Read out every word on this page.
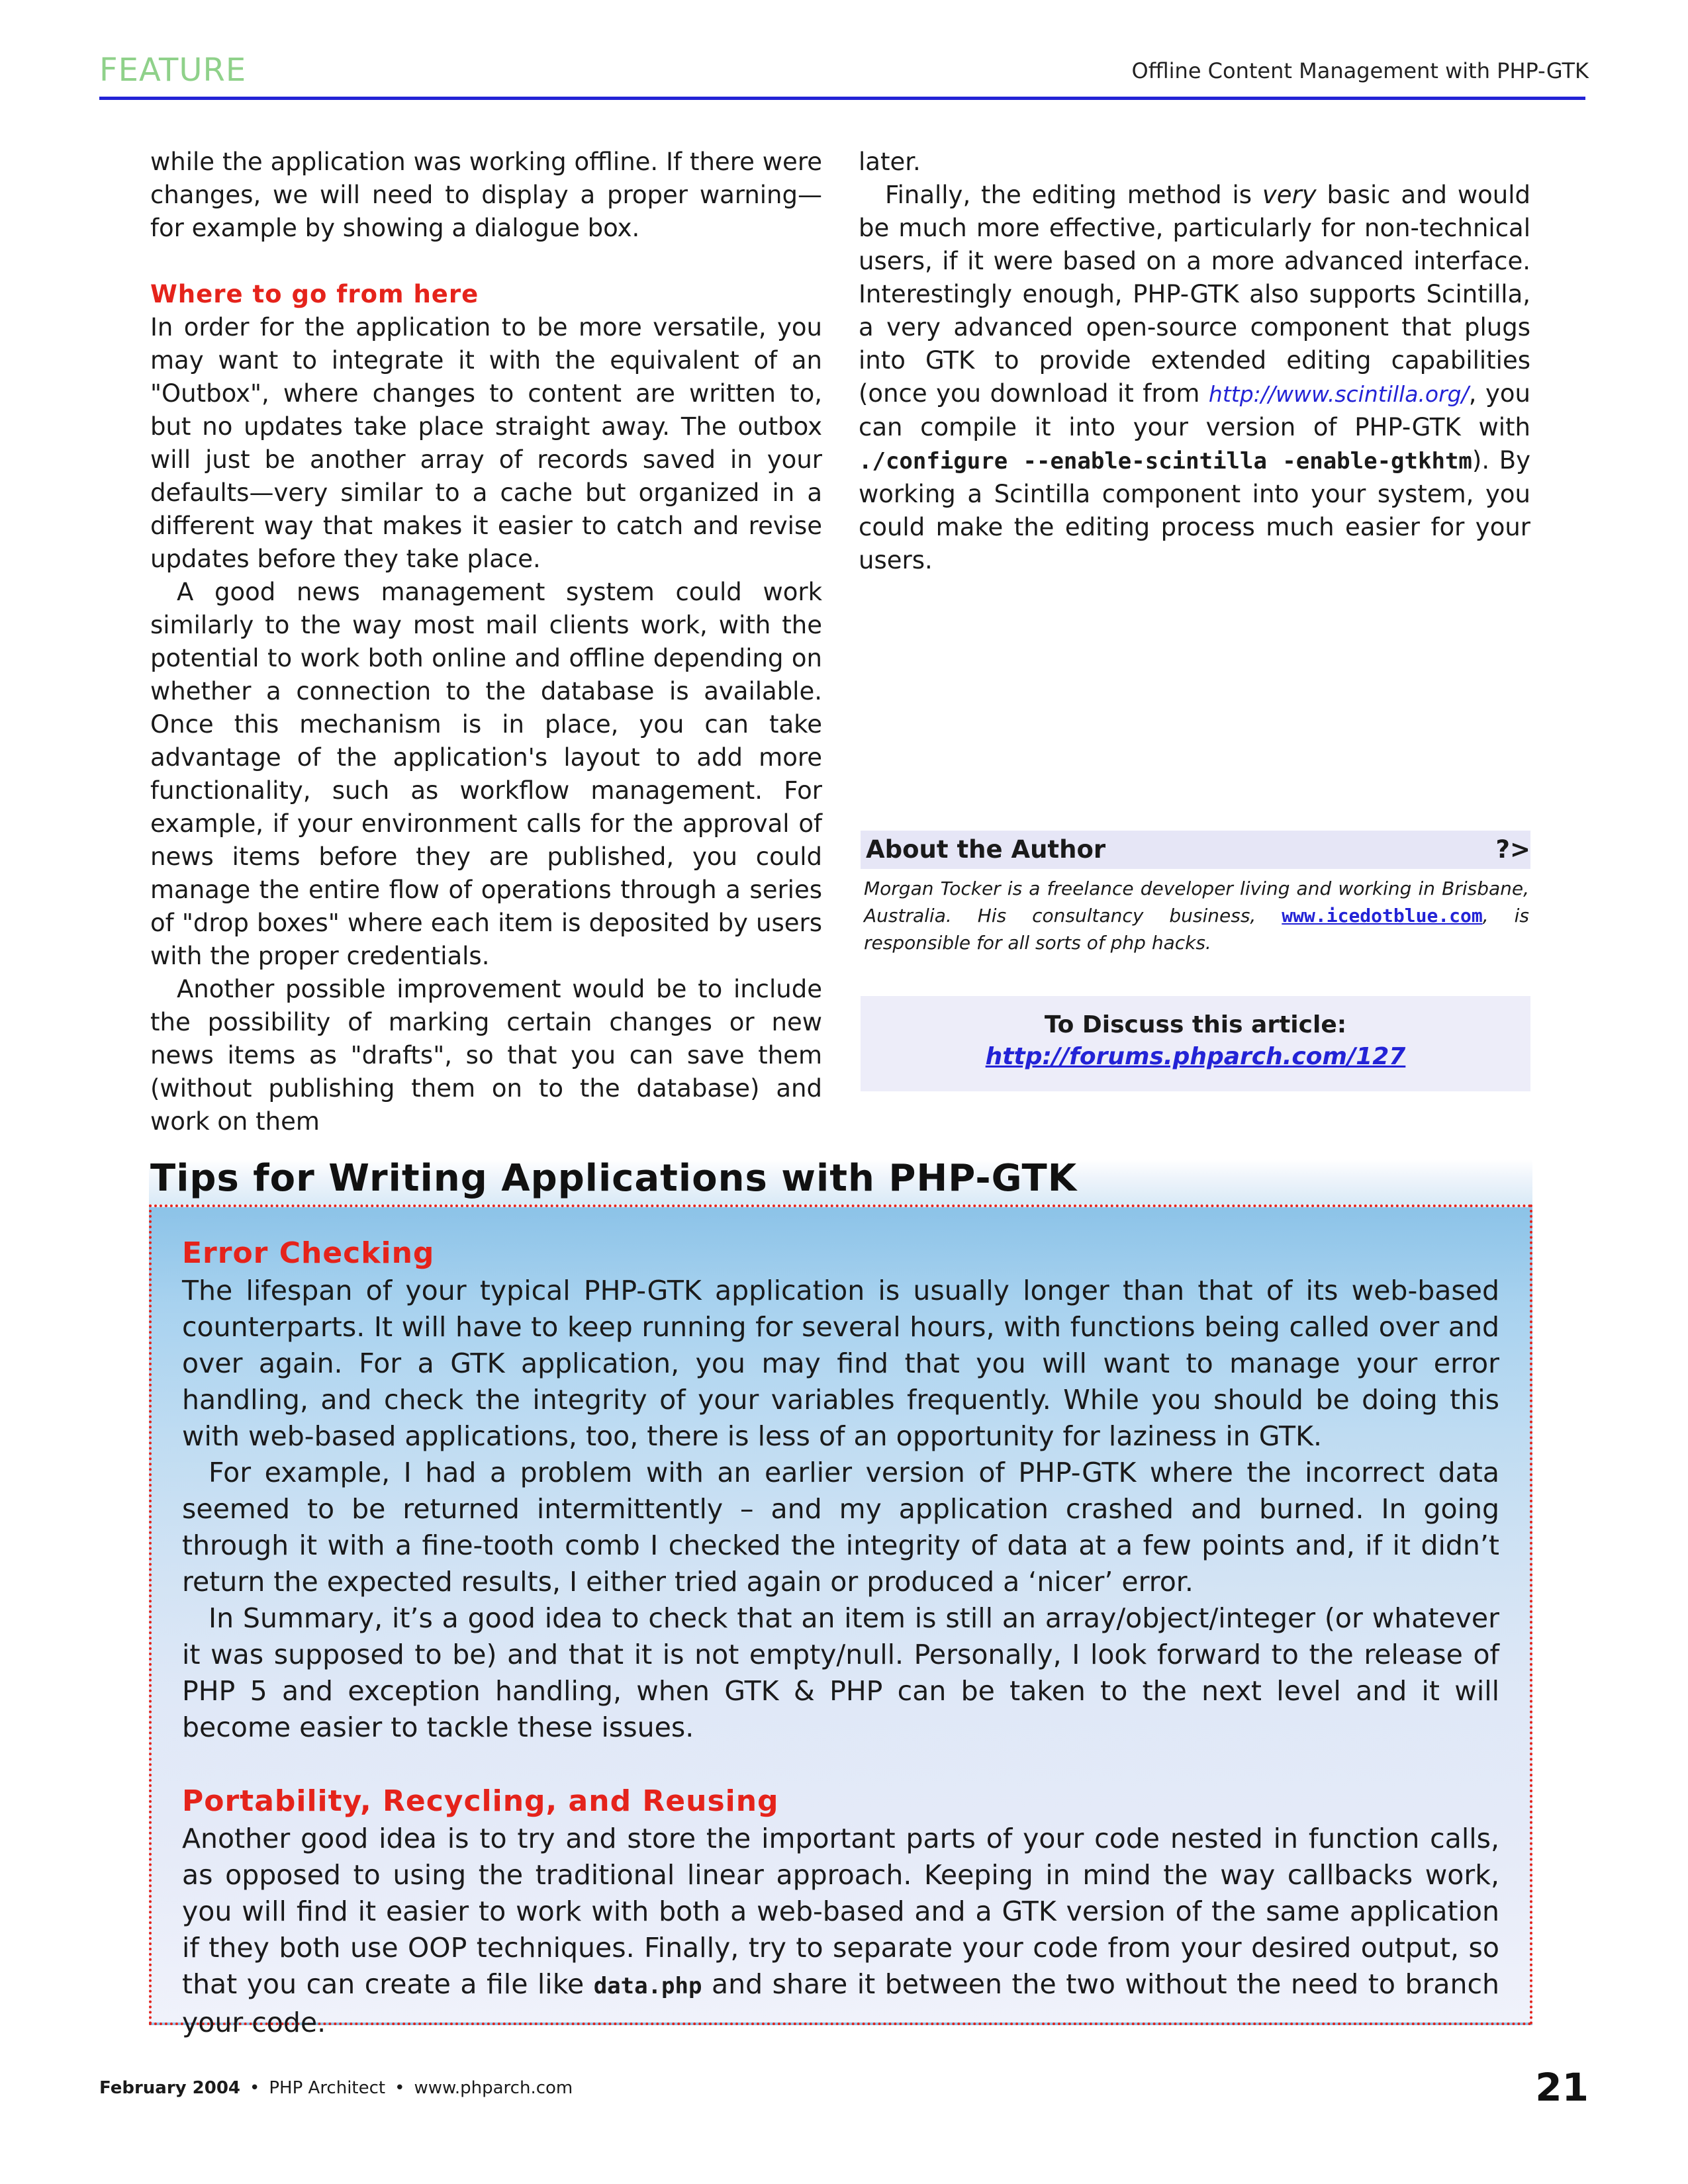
FEATURE	Offline Content Management with PHP-GTK

while the application was working offline. If there were changes, we will need to display a proper warning—for example by showing a dialogue box.

Where to go from here

In order for the application to be more versatile, you may want to integrate it with the equivalent of an "Outbox", where changes to content are written to, but no updates take place straight away. The outbox will just be another array of records saved in your defaults—very similar to a cache but organized in a different way that makes it easier to catch and revise updates before they take place.

A good news management system could work similarly to the way most mail clients work, with the potential to work both online and offline depending on whether a connection to the database is available. Once this mechanism is in place, you can take advantage of the application's layout to add more functionality, such as workflow management. For example, if your environment calls for the approval of news items before they are published, you could manage the entire flow of operations through a series of "drop boxes" where each item is deposited by users with the proper credentials.

Another possible improvement would be to include the possibility of marking certain changes or new news items as "drafts", so that you can save them (without publishing them on to the database) and work on them

later.

Finally, the editing method is very basic and would be much more effective, particularly for non-technical users, if it were based on a more advanced interface. Interestingly enough, PHP-GTK also supports Scintilla, a very advanced open-source component that plugs into GTK to provide extended editing capabilities (once you download it from http://www.scintilla.org/, you can compile it into your version of PHP-GTK with ./configure --enable-scintilla -enable-gtkhtm). By working a Scintilla component into your system, you could make the editing process much easier for your users.

About the Author	?>
Morgan Tocker is a freelance developer living and working in Brisbane, Australia. His consultancy business, www.icedotblue.com, is responsible for all sorts of php hacks.
To Discuss this article:
http://forums.phparch.com/127
Tips for Writing Applications with PHP-GTK
Error Checking

The lifespan of your typical PHP-GTK application is usually longer than that of its web-based counterparts. It will have to keep running for several hours, with functions being called over and over again. For a GTK application, you may find that you will want to manage your error handling, and check the integrity of your variables frequently. While you should be doing this with web-based applications, too, there is less of an opportunity for laziness in GTK.

For example, I had a problem with an earlier version of PHP-GTK where the incorrect data seemed to be returned intermittently – and my application crashed and burned. In going through it with a fine-tooth comb I checked the integrity of data at a few points and, if it didn’t return the expected results, I either tried again or produced a ‘nicer’ error.

In Summary, it’s a good idea to check that an item is still an array/object/integer (or whatever it was supposed to be) and that it is not empty/null. Personally, I look forward to the release of PHP 5 and exception handling, when GTK & PHP can be taken to the next level and it will become easier to tackle these issues.

Portability, Recycling, and Reusing

Another good idea is to try and store the important parts of your code nested in function calls, as opposed to using the traditional linear approach. Keeping in mind the way callbacks work, you will find it easier to work with both a web-based and a GTK version of the same application if they both use OOP techniques. Finally, try to separate your code from your desired output, so that you can create a file like data.php and share it between the two without the need to branch your code.

February 2004 • PHP Architect • www.phparch.com	21
